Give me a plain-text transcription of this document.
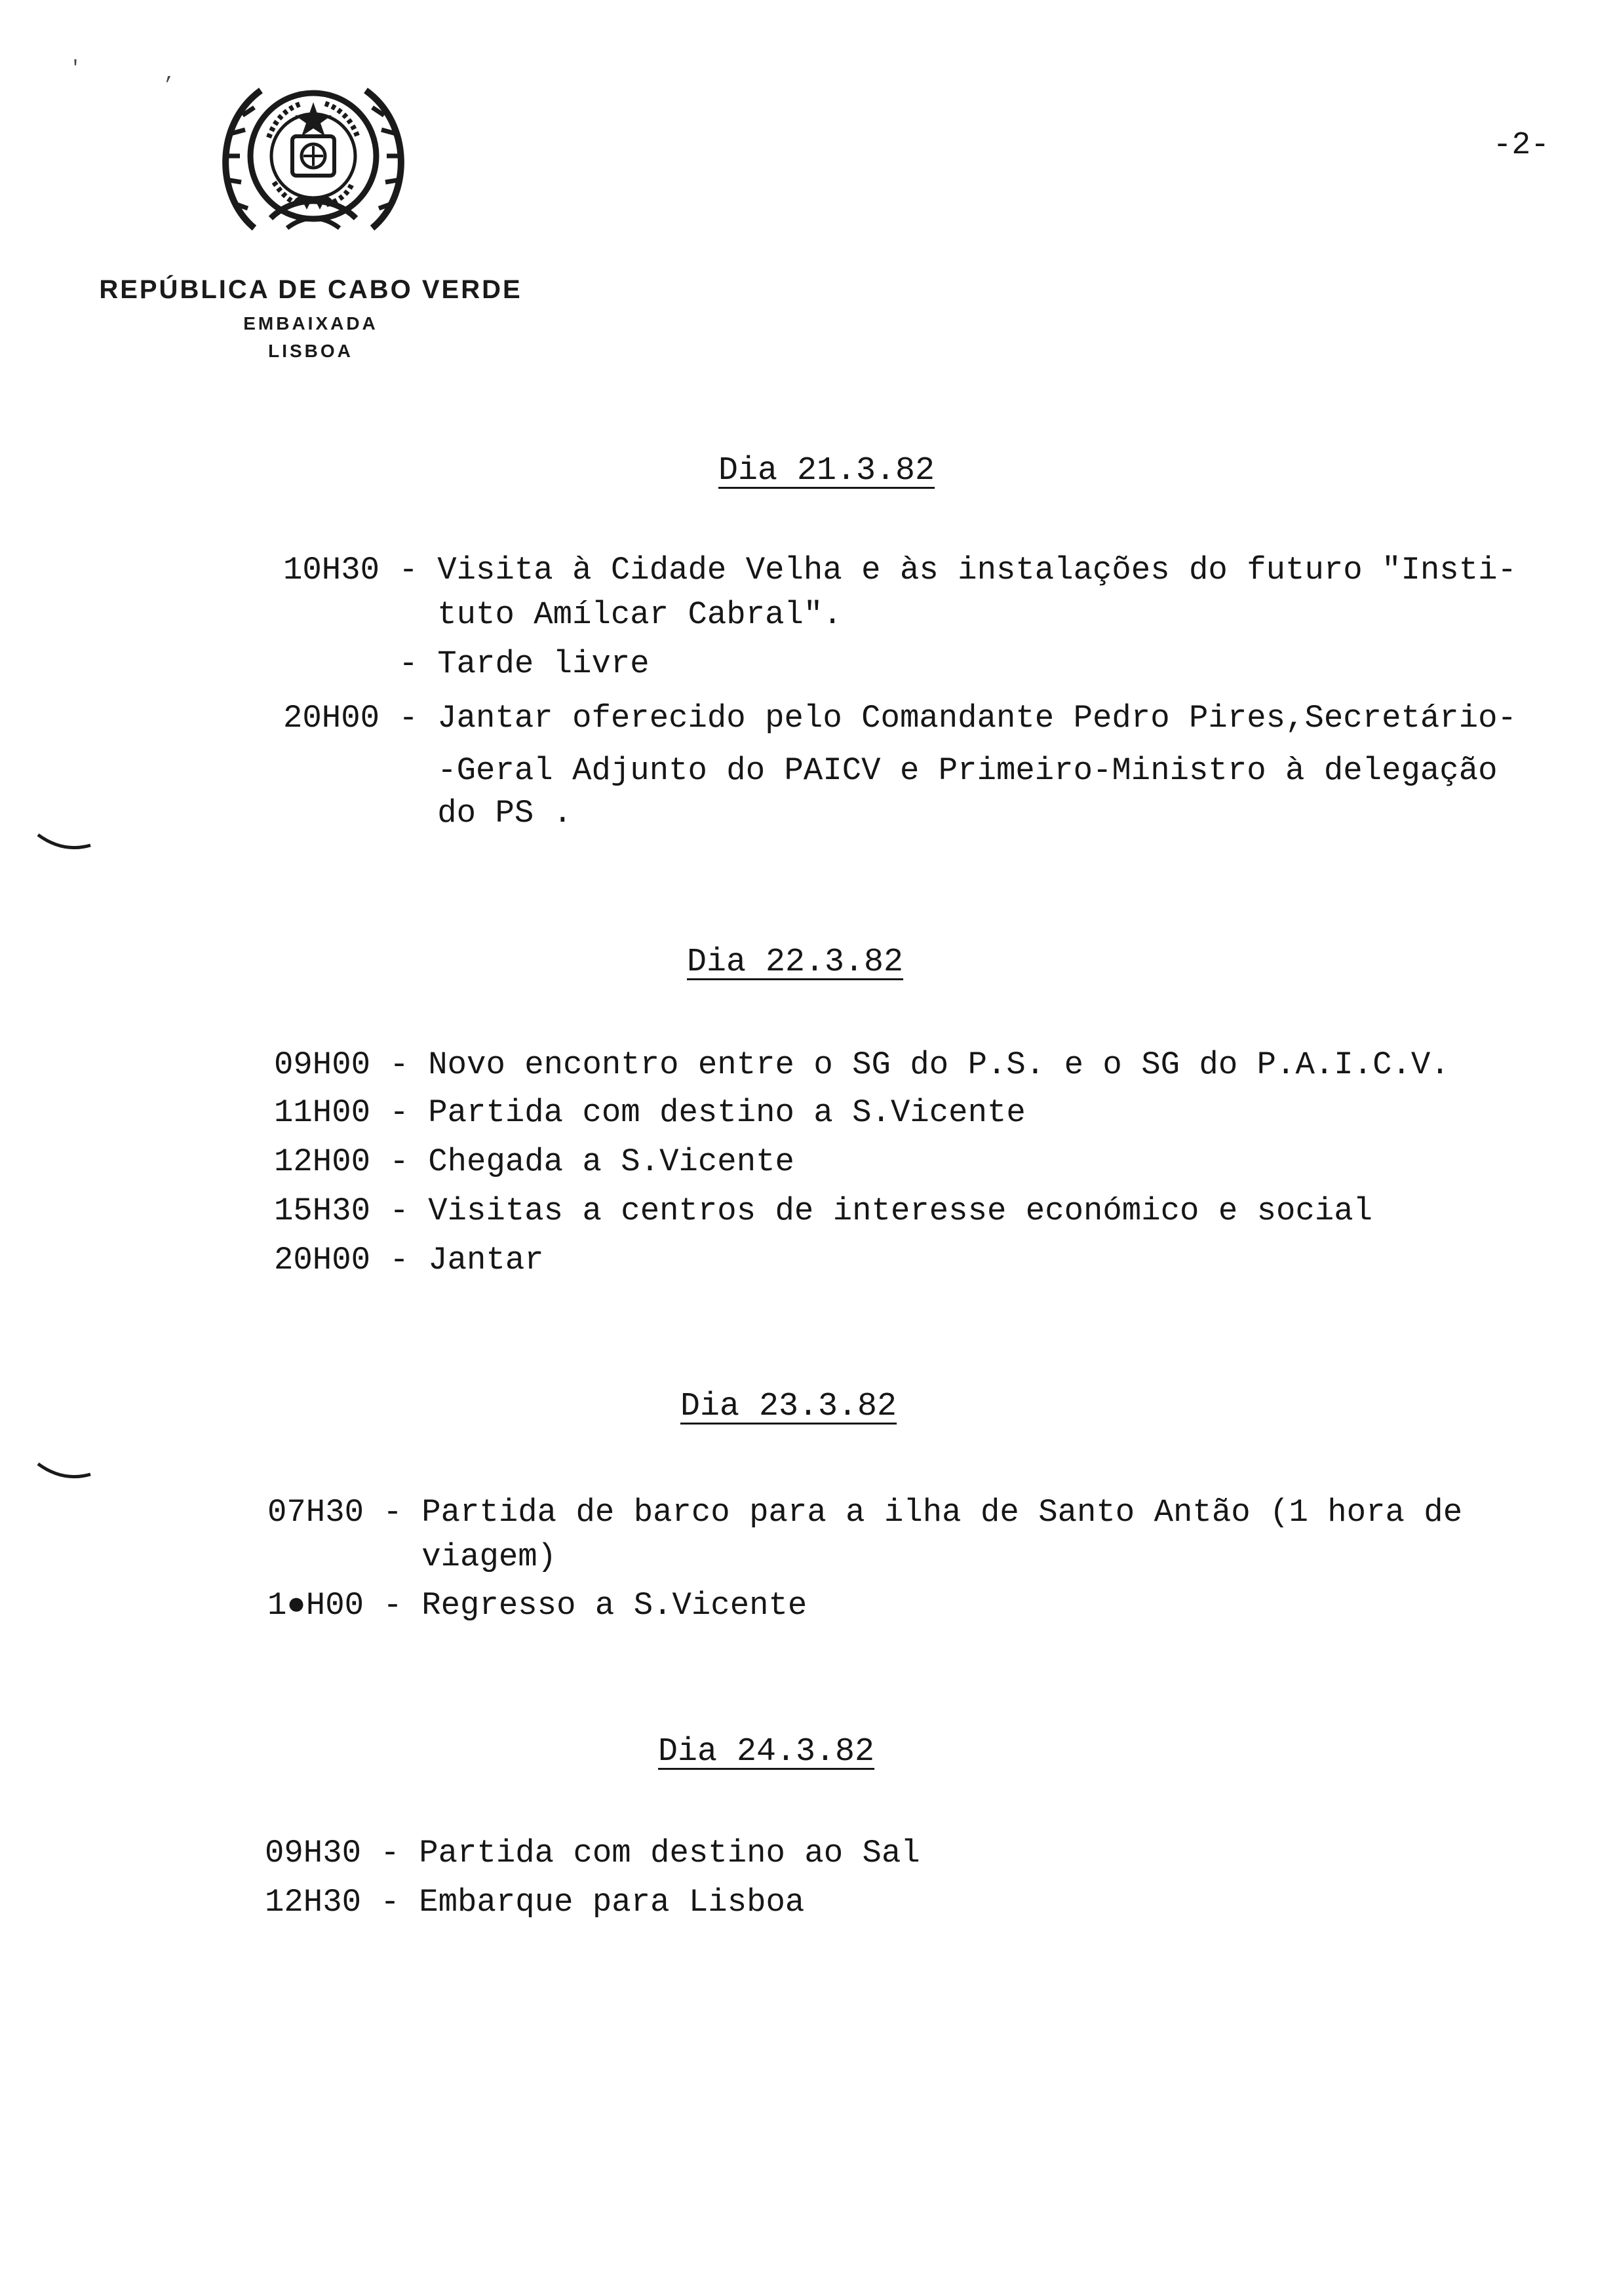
'	,
REPÚBLICA DE CABO VERDE
EMBAIXADA
LISBOA
-2-
Dia 21.3.82
10H30 - Visita à Cidade Velha e às instalações do futuro "Insti-
tuto Amílcar Cabral".
- Tarde livre
20H00 - Jantar oferecido pelo Comandante Pedro Pires,Secretário-
-Geral Adjunto do PAICV e Primeiro-Ministro à delegação
do PS .
Dia 22.3.82
09H00 - Novo encontro entre o SG do P.S. e o SG do P.A.I.C.V.
11H00 - Partida com destino a S.Vicente
12H00 - Chegada a S.Vicente
15H30 - Visitas a centros de interesse económico e social
20H00 - Jantar
Dia 23.3.82
07H30 - Partida de barco para a ilha de Santo Antão (1 hora de
viagem)
1●H00 - Regresso a S.Vicente
Dia 24.3.82
09H30 - Partida com destino ao Sal
12H30 - Embarque para Lisboa
